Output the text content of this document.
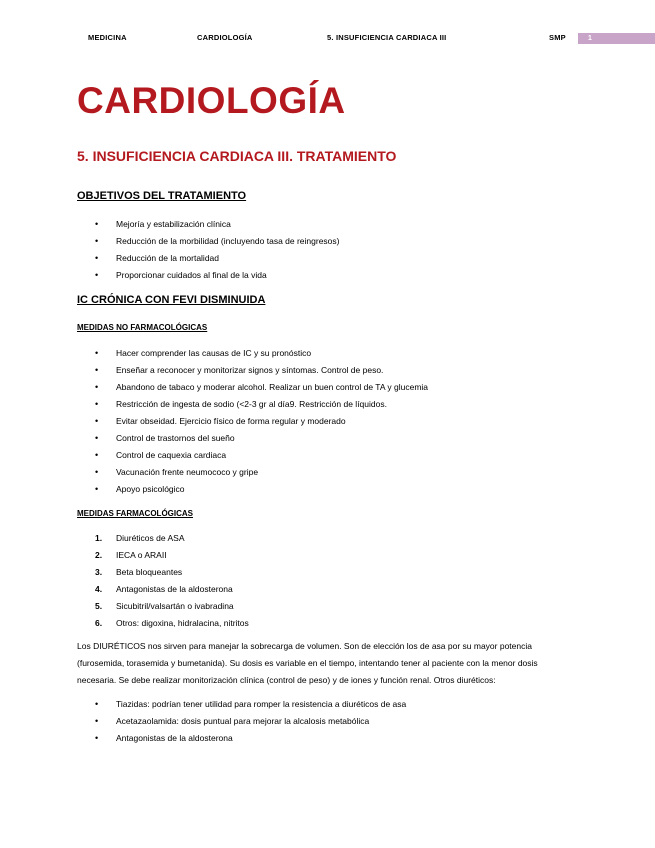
MEDICINA	CARDIOLOGÍA	5. INSUFICIENCIA CARDIACA III	SMP	1
CARDIOLOGÍA
5. INSUFICIENCIA CARDIACA III. TRATAMIENTO
OBJETIVOS DEL TRATAMIENTO
• Mejoría y estabilización clínica
• Reducción de la morbilidad (incluyendo tasa de reingresos)
• Reducción de la mortalidad
• Proporcionar cuidados al final de la vida
IC CRÓNICA CON FEVI DISMINUIDA
MEDIDAS NO FARMACOLÓGICAS
• Hacer comprender las causas de IC y su pronóstico
• Enseñar a reconocer y monitorizar signos y síntomas. Control de peso.
• Abandono de tabaco y moderar alcohol. Realizar un buen control de TA y glucemia
• Restricción de ingesta de sodio (<2-3 gr al día9. Restricción de líquidos.
• Evitar obseidad. Ejercicio físico de forma regular y moderado
• Control de trastornos del sueño
• Control de caquexia cardiaca
• Vacunación frente neumococo y gripe
• Apoyo psicológico
MEDIDAS FARMACOLÓGICAS
1. Diuréticos de ASA
2. IECA o ARAII
3. Beta bloqueantes
4. Antagonistas de la aldosterona
5. Sicubitril/valsartán o ivabradina
6. Otros: digoxina, hidralacina, nitritos

Los DIURÉTICOS nos sirven para manejar la sobrecarga de volumen. Son de elección los de asa por su mayor potencia (furosemida, torasemida y bumetanida). Su dosis es variable en el tiempo, intentando tener al paciente con la menor dosis necesaria. Se debe realizar monitorización clínica (control de peso) y de iones y función renal. Otros diuréticos:

• Tiazidas: podrían tener utilidad para romper la resistencia a diuréticos de asa
• Acetazaolamida: dosis puntual para mejorar la alcalosis metabólica
• Antagonistas de la aldosterona
